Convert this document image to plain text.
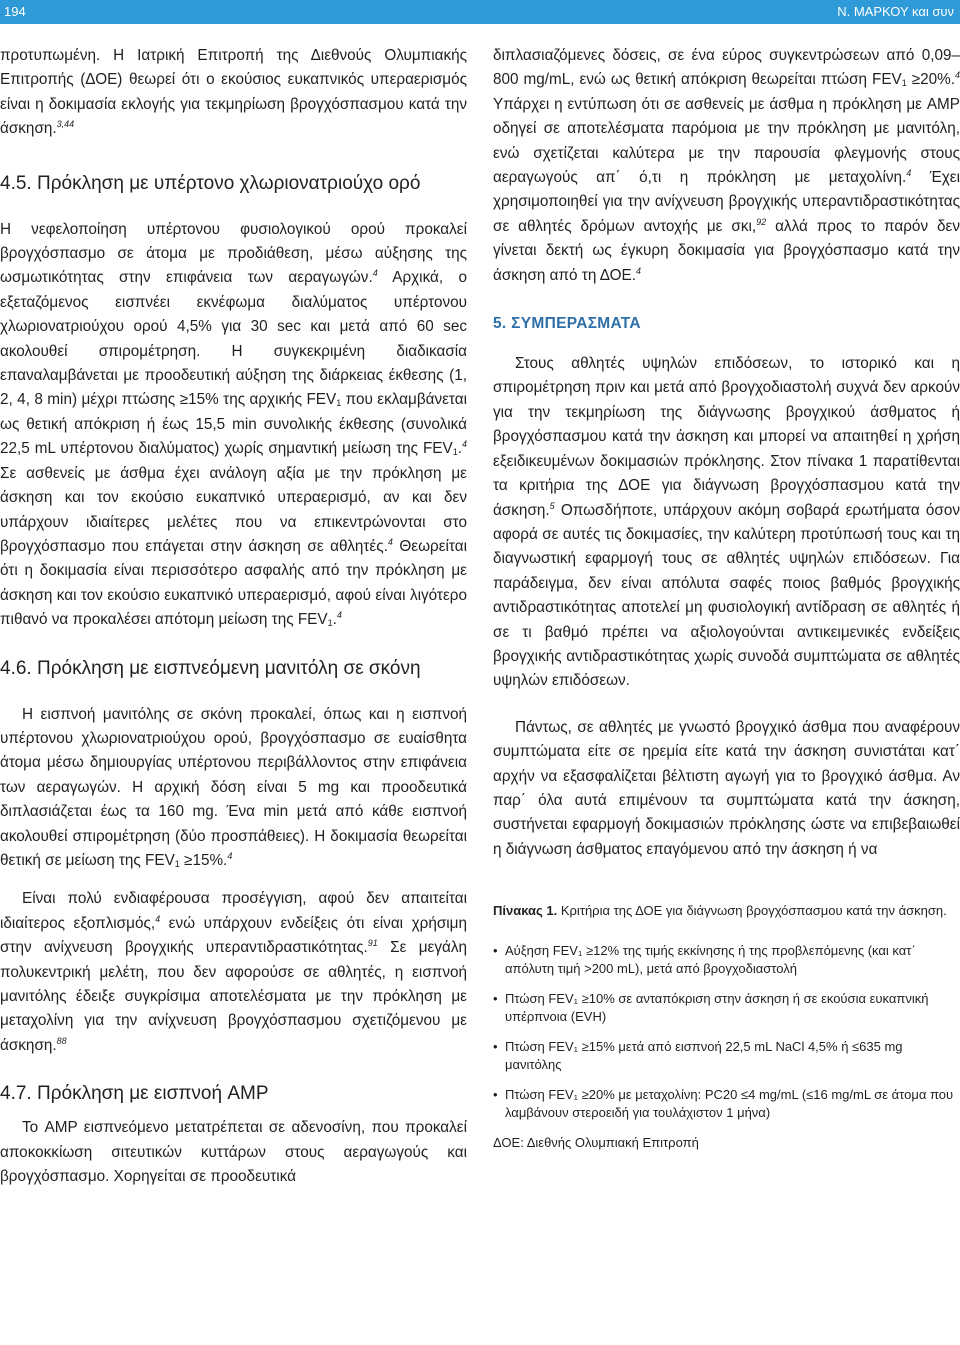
194	Ν. ΜΑΡΚΟΥ και συν

προτυπωμένη. Η Ιατρική Επιτροπή της Διεθνούς Ολυμπιακής Επιτροπής (ΔΟΕ) θεωρεί ότι ο εκούσιος ευκαπνικός υπεραερισμός είναι η δοκιμασία εκλογής για τεκμηρίωση βρογχόσπασμου κατά την άσκηση.$^{3,44}$

4.5. Πρόκληση με υπέρτονο χλωριονατριούχο ορό

Η νεφελοποίηση υπέρτονου φυσιολογικού ορού προκαλεί βρογχόσπασμο σε άτομα με προδιάθεση, μέσω αύξησης της ωσμωτικότητας στην επιφάνεια των αεραγωγών.$^4$ Αρχικά, ο εξεταζόμενος εισπνέει εκνέφωμα διαλύματος υπέρτονου χλωριονατριούχου ορού 4,5% για 30 sec και μετά από 60 sec ακολουθεί σπιρομέτρηση. Η συγκεκριμένη διαδικασία επαναλαμβάνεται με προοδευτική αύξηση της διάρκειας έκθεσης (1, 2, 4, 8 min) μέχρι πτώσης ≥15% της αρχικής $FEV_1$ που εκλαμβάνεται ως θετική απόκριση ή έως 15,5 min συνολικής έκθεσης (συνολικά 22,5 mL υπέρτονου διαλύματος) χωρίς σημαντική μείωση της $FEV_1.^4$ Σε ασθενείς με άσθμα έχει ανάλογη αξία με την πρόκληση με άσκηση και τον εκούσιο ευκαπνικό υπεραερισμό, αν και δεν υπάρχουν ιδιαίτερες μελέτες που να επικεντρώνονται στο βρογχόσπασμο που επάγεται στην άσκηση σε αθλητές.$^4$ Θεωρείται ότι η δοκιμασία είναι περισσότερο ασφαλής από την πρόκληση με άσκηση και τον εκούσιο ευκαπνικό υπεραερισμό, αφού είναι λιγότερο πιθανό να προκαλέσει απότομη μείωση της $FEV_1.^4$

4.6. Πρόκληση με εισπνεόμενη μανιτόλη σε σκόνη

Η εισπνοή μανιτόλης σε σκόνη προκαλεί, όπως και η εισπνοή υπέρτονου χλωριονατριούχου ορού, βρογχόσπασμο σε ευαίσθητα άτομα μέσω δημιουργίας υπέρτονου περιβάλλοντος στην επιφάνεια των αεραγωγών. Η αρχική δόση είναι 5 mg και προοδευτικά διπλασιάζεται έως τα 160 mg. Ένα min μετά από κάθε εισπνοή ακολουθεί σπιρομέτρηση (δύο προσπάθειες). Η δοκιμασία θεωρείται θετική σε μείωση της $FEV_1 \ge 15\%.^4$

Είναι πολύ ενδιαφέρουσα προσέγγιση, αφού δεν απαιτείται ιδιαίτερος εξοπλισμός,$^4$ ενώ υπάρχουν ενδείξεις ότι είναι χρήσιμη στην ανίχνευση βρογχικής υπεραντιδραστικότητας.$^{91}$ Σε μεγάλη πολυκεντρική μελέτη, που δεν αφορούσε σε αθλητές, η εισπνοή μανιτόλης έδειξε συγκρίσιμα αποτελέσματα με την πρόκληση με μεταχολίνη για την ανίχνευση βρογχόσπασμου σχετιζόμενου με άσκηση.$^{88}$

4.7. Πρόκληση με εισπνοή AMP

Το AMP εισπνεόμενο μετατρέπεται σε αδενοσίνη, που προκαλεί αποκοκκίωση σιτευτικών κυττάρων στους αεραγωγούς και βρογχόσπασμο. Χορηγείται σε προοδευτικά

διπλασιαζόμενες δόσεις, σε ένα εύρος συγκεντρώσεων από 0,09–800 mg/mL, ενώ ως θετική απόκριση θεωρείται πτώση $FEV_1 \ge 20\%.^4$ Υπάρχει η εντύπωση ότι σε ασθενείς με άσθμα η πρόκληση με AMP οδηγεί σε αποτελέσματα παρόμοια με την πρόκληση με μανιτόλη, ενώ σχετίζεται καλύτερα με την παρουσία φλεγμονής στους αεραγωγούς απ΄ ό,τι η πρόκληση με μεταχολίνη.$^4$ Έχει χρησιμοποιηθεί για την ανίχνευση βρογχικής υπεραντιδραστικότητας σε αθλητές δρόμων αντοχής με σκι,$^{92}$ αλλά προς το παρόν δεν γίνεται δεκτή ως έγκυρη δοκιμασία για βρογχόσπασμο κατά την άσκηση από τη ΔΟΕ.$^4$

5. ΣΥΜΠΕΡΑΣΜΑΤΑ

Στους αθλητές υψηλών επιδόσεων, το ιστορικό και η σπιρομέτρηση πριν και μετά από βρογχοδιαστολή συχνά δεν αρκούν για την τεκμηρίωση της διάγνωσης βρογχικού άσθματος ή βρογχόσπασμου κατά την άσκηση και μπορεί να απαιτηθεί η χρήση εξειδικευμένων δοκιμασιών πρόκλησης. Στον πίνακα 1 παρατίθενται τα κριτήρια της ΔΟΕ για διάγνωση βρογχόσπασμου κατά την άσκηση.$^5$ Οπωσδήποτε, υπάρχουν ακόμη σοβαρά ερωτήματα όσον αφορά σε αυτές τις δοκιμασίες, την καλύτερη προτύπωσή τους και τη διαγνωστική εφαρμογή τους σε αθλητές υψηλών επιδόσεων. Για παράδειγμα, δεν είναι απόλυτα σαφές ποιος βαθμός βρογχικής αντιδραστικότητας αποτελεί μη φυσιολογική αντίδραση σε αθλητές ή σε τι βαθμό πρέπει να αξιολογούνται αντικειμενικές ενδείξεις βρογχικής αντιδραστικότητας χωρίς συνοδά συμπτώματα σε αθλητές υψηλών επιδόσεων.

Πάντως, σε αθλητές με γνωστό βρογχικό άσθμα που αναφέρουν συμπτώματα είτε σε ηρεμία είτε κατά την άσκηση συνιστάται κατ΄ αρχήν να εξασφαλίζεται βέλτιστη αγωγή για το βρογχικό άσθμα. Αν παρ΄ όλα αυτά επιμένουν τα συμπτώματα κατά την άσκηση, συστήνεται εφαρμογή δοκιμασιών πρόκλησης ώστε να επιβεβαιωθεί η διάγνωση άσθματος επαγόμενου από την άσκηση ή να

Πίνακας 1. Κριτήρια της ΔΟΕ για διάγνωση βρογχόσπασμου κατά την άσκηση.

• Αύξηση FEV₁ ≥12% της τιμής εκκίνησης ή της προβλεπόμενης (και κατ΄ απόλυτη τιμή >200 mL), μετά από βρογχοδιαστολή
• Πτώση FEV₁ ≥10% σε ανταπόκριση στην άσκηση ή σε εκούσια ευκαπνική υπέρπνοια (EVH)
• Πτώση FEV₁ ≥15% μετά από εισπνοή 22,5 mL NaCl 4,5% ή ≤635 mg μανιτόλης
• Πτώση FEV₁ ≥20% με μεταχολίνη: PC20 ≤4 mg/mL (≤16 mg/mL σε άτομα που λαμβάνουν στεροειδή για τουλάχιστον 1 μήνα)

ΔΟΕ: Διεθνής Ολυμπιακή Επιτροπή
